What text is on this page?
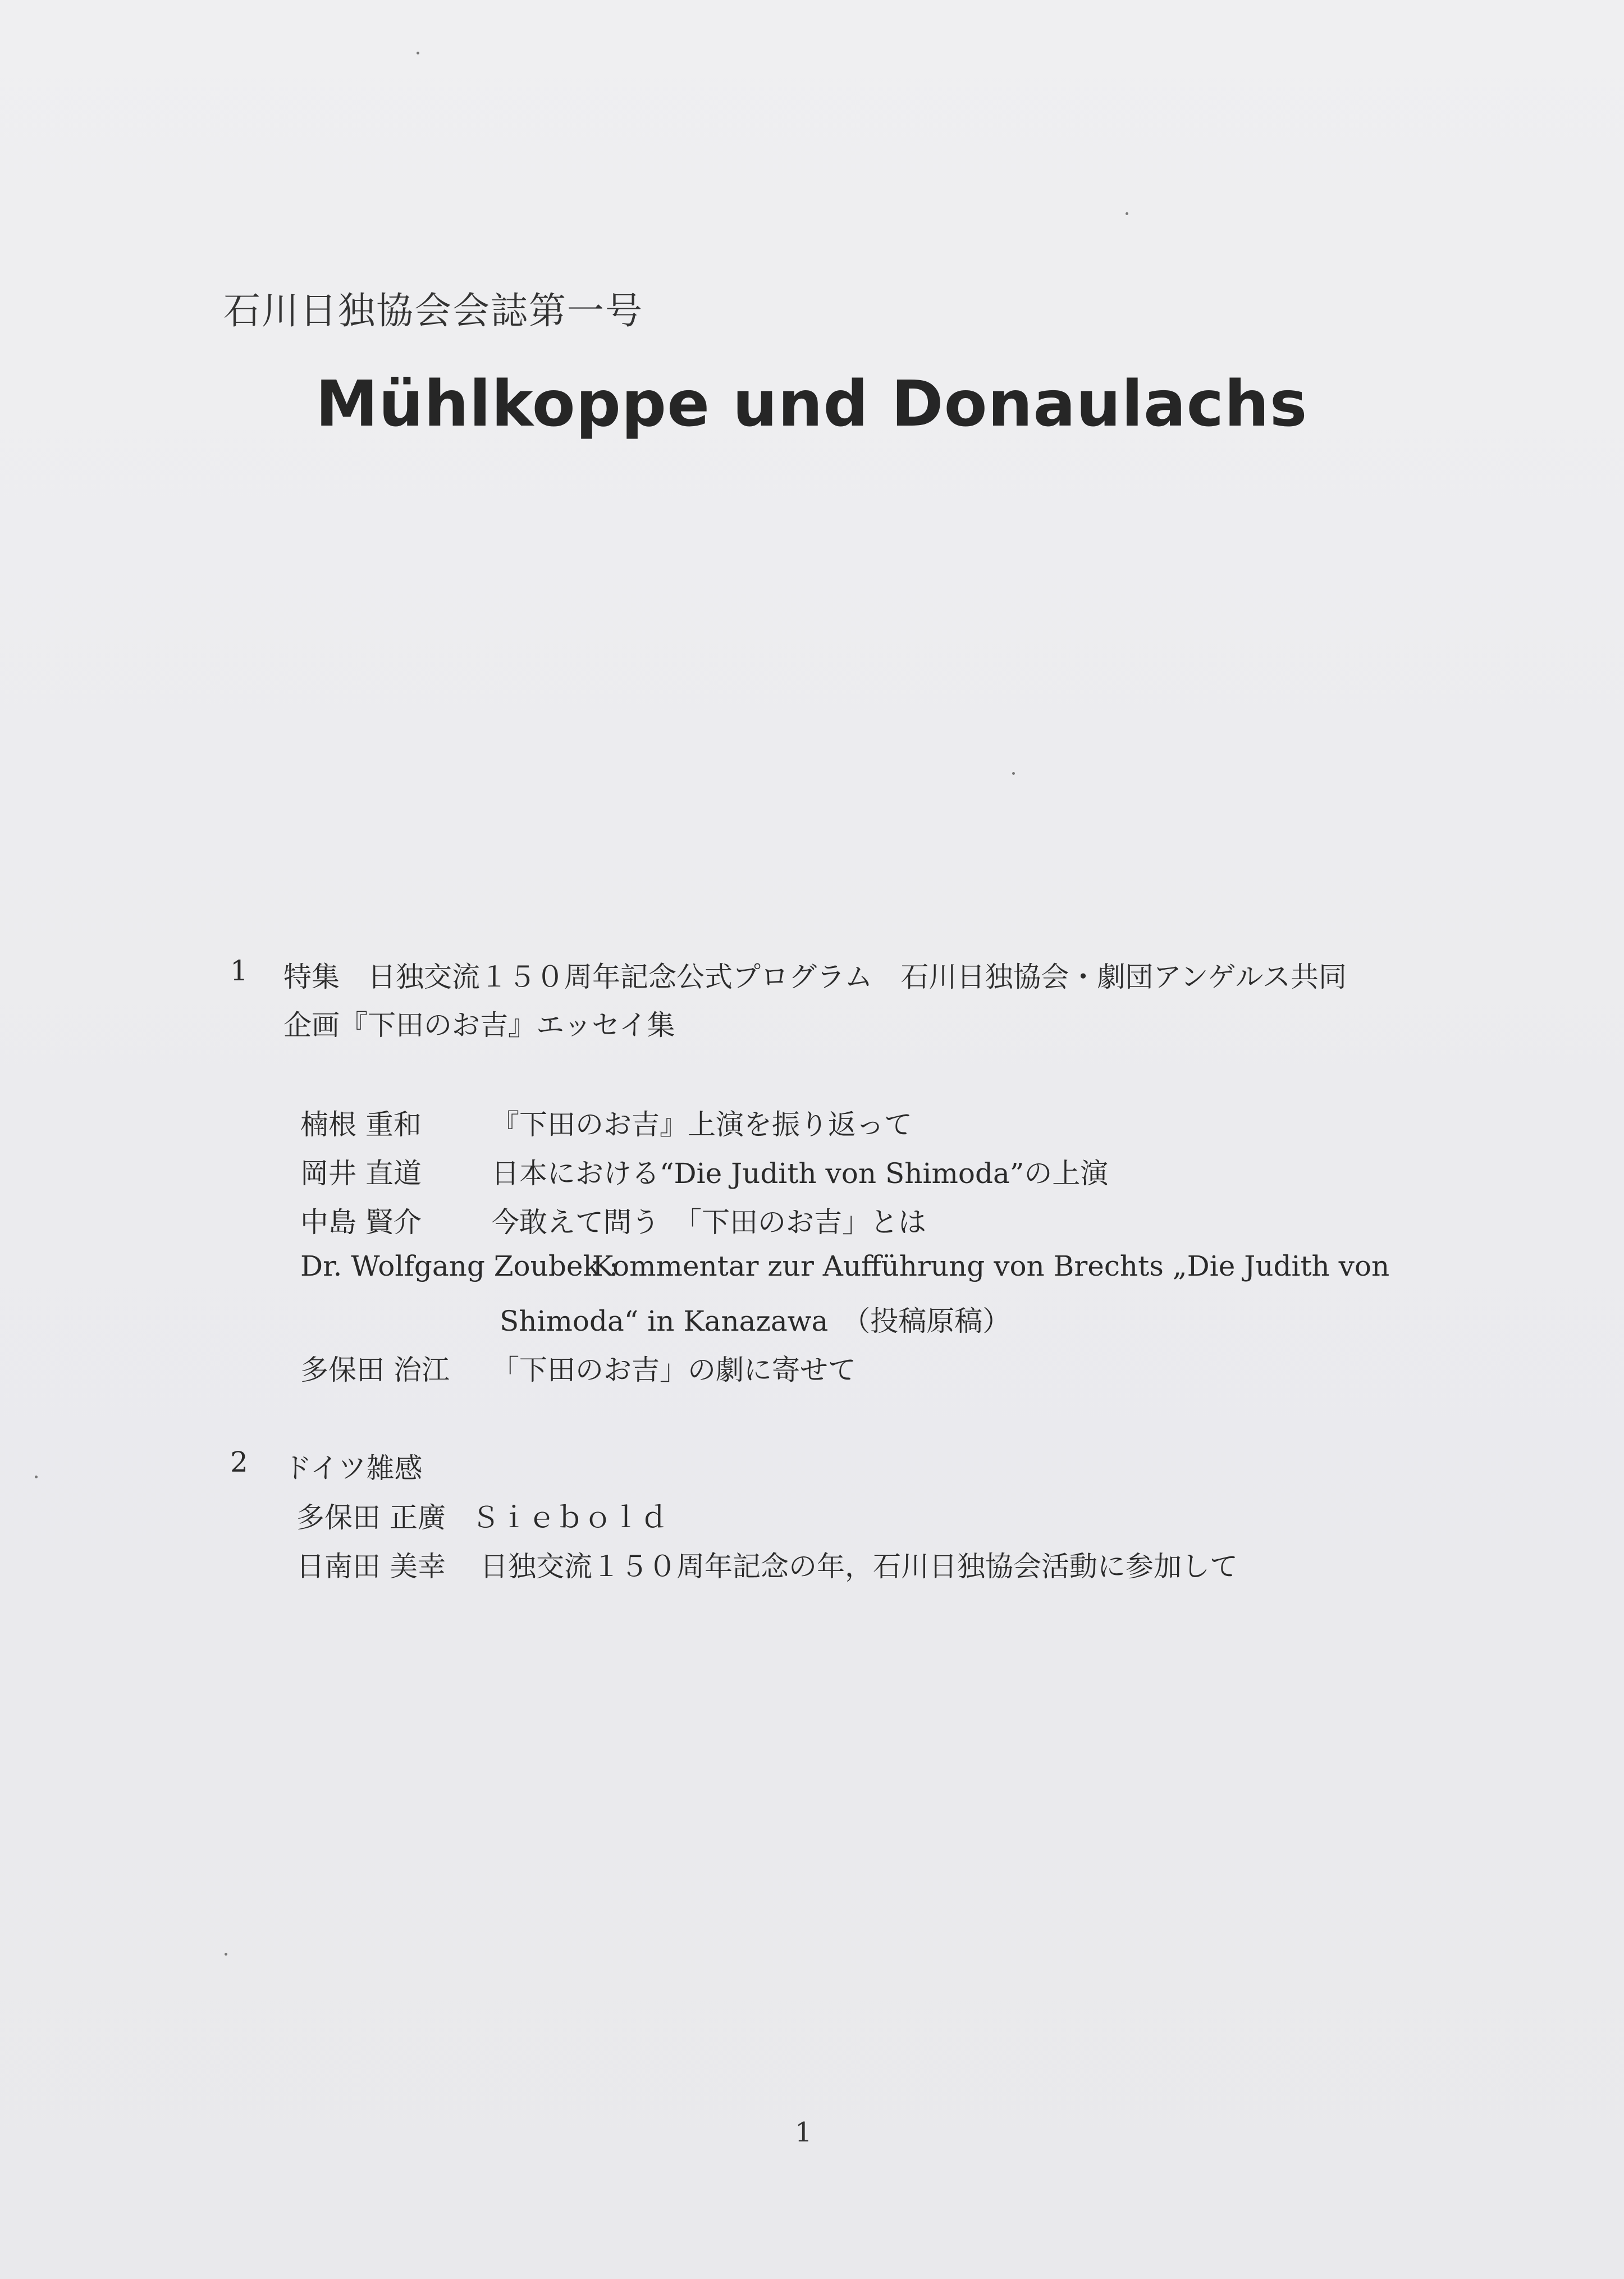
石川日独協会会誌第一号
Mühlkoppe und Donaulachs
1 特集　日独交流１５０周年記念公式プログラム　石川日独協会・劇団アンゲルス共同
企画『下田のお吉』エッセイ集
楠根 重和 『下田のお吉』上演を振り返って
岡井 直道 日本における“Die Judith von Shimoda”の上演
中島 賢介 今敢えて問う　「下田のお吉」とは
Dr. Wolfgang Zoubek :
Kommentar zur Aufführung von Brechts „Die Judith von
Shimoda“ in Kanazawa　（投稿原稿）
多保田 治江 「下田のお吉」の劇に寄せて
2 ドイツ雑感
多保田 正廣 Ｓｉｅｂｏｌｄ
日南田 美幸 日独交流１５０周年記念の年，石川日独協会活動に参加して
1
